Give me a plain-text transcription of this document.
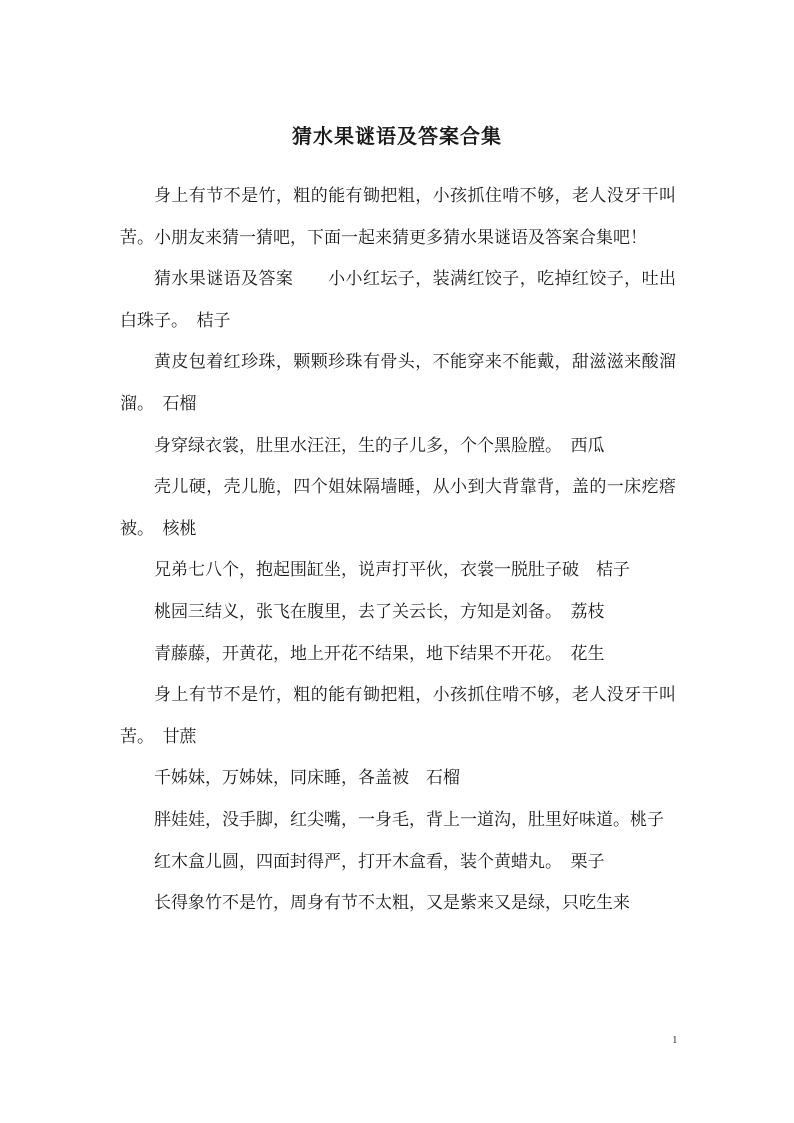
猜水果谜语及答案合集

身上有节不是竹，粗的能有锄把粗，小孩抓住啃不够，老人没牙干叫苦。小朋友来猜一猜吧，下面一起来猜更多猜水果谜语及答案合集吧！

猜水果谜语及答案　　小小红坛子，装满红饺子，吃掉红饺子，吐出白珠子。　桔子

黄皮包着红珍珠，颗颗珍珠有骨头，不能穿来不能戴，甜滋滋来酸溜溜。　石榴

身穿绿衣裳，肚里水汪汪，生的子儿多，个个黑脸膛。　西瓜

壳儿硬，壳儿脆，四个姐妹隔墙睡，从小到大背靠背，盖的一床疙瘩被。　核桃

兄弟七八个，抱起围缸坐，说声打平伙，衣裳一脱肚子破　桔子

桃园三结义，张飞在腹里，去了关云长，方知是刘备。　荔枝

青藤藤，开黄花，地上开花不结果，地下结果不开花。　花生

身上有节不是竹，粗的能有锄把粗，小孩抓住啃不够，老人没牙干叫苦。　甘蔗

千姊妹，万姊妹，同床睡，各盖被　石榴

胖娃娃，没手脚，红尖嘴，一身毛，背上一道沟，肚里好味道。桃子

红木盒儿圆，四面封得严，打开木盒看，装个黄蜡丸。　栗子

长得象竹不是竹，周身有节不太粗，又是紫来又是绿，只吃生来

1
